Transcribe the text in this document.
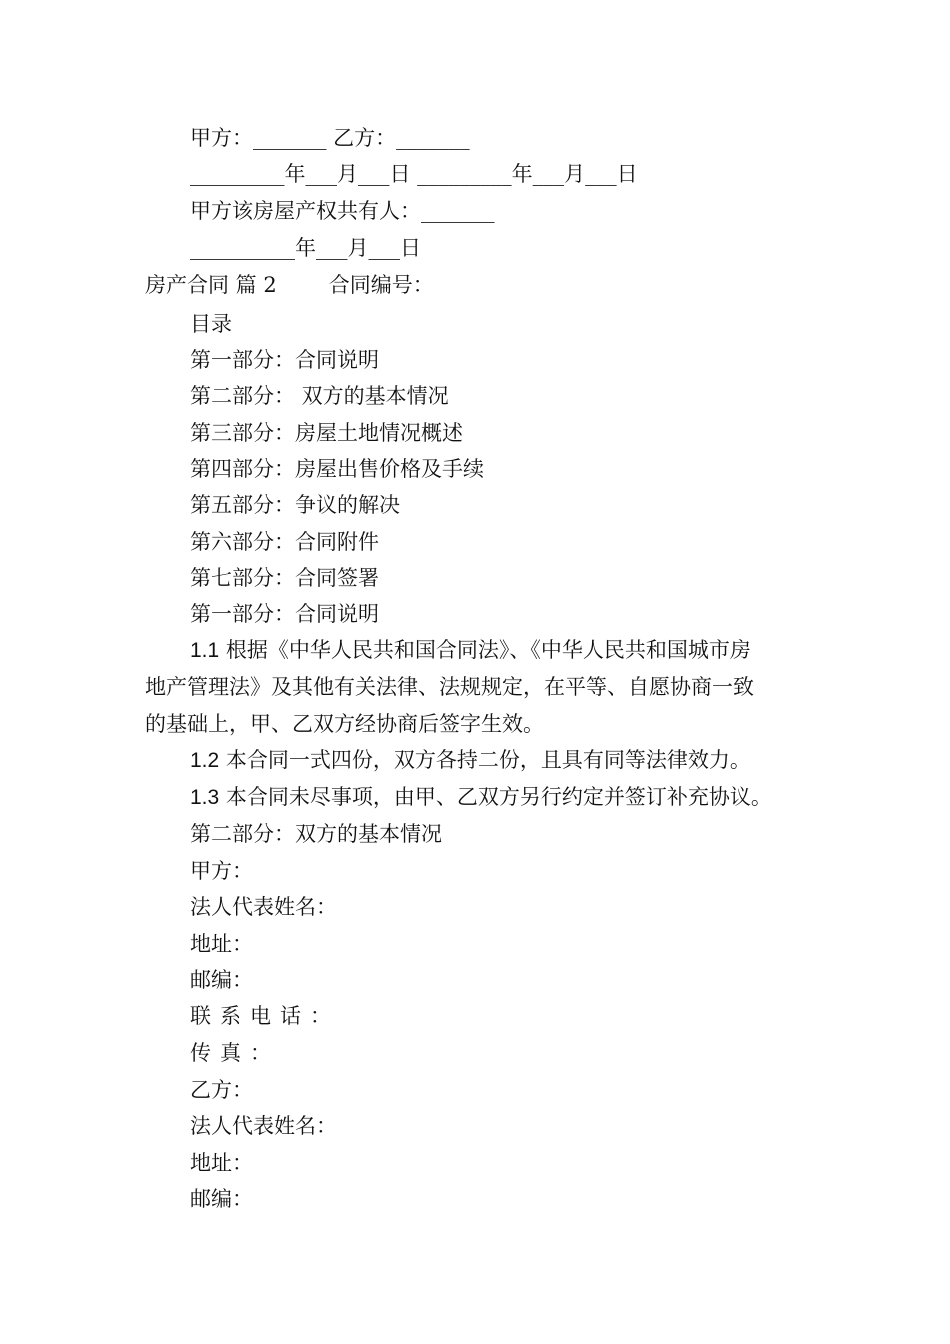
甲方：_______ 乙方：_______
_________年___月___日 _________年___月___日
甲方该房屋产权共有人：_______
__________年___月___日
房产合同 篇 2 合同编号：
目录
第一部分：合同说明
第二部分： 双方的基本情况
第三部分：房屋土地情况概述
第四部分：房屋出售价格及手续
第五部分：争议的解决
第六部分：合同附件
第七部分：合同签署
第一部分：合同说明
1.1 根据《中华人民共和国合同法》、《中华人民共和国城市房
地产管理法》及其他有关法律、法规规定，在平等、自愿协商一致
的基础上，甲、乙双方经协商后签字生效。
1.2 本合同一式四份，双方各持二份，且具有同等法律效力。
1.3 本合同未尽事项，由甲、乙双方另行约定并签订补充协议。
第二部分：双方的基本情况
甲方：
法人代表姓名：
地址：
邮编：
联系电话：
传真：
乙方：
法人代表姓名：
地址：
邮编：
